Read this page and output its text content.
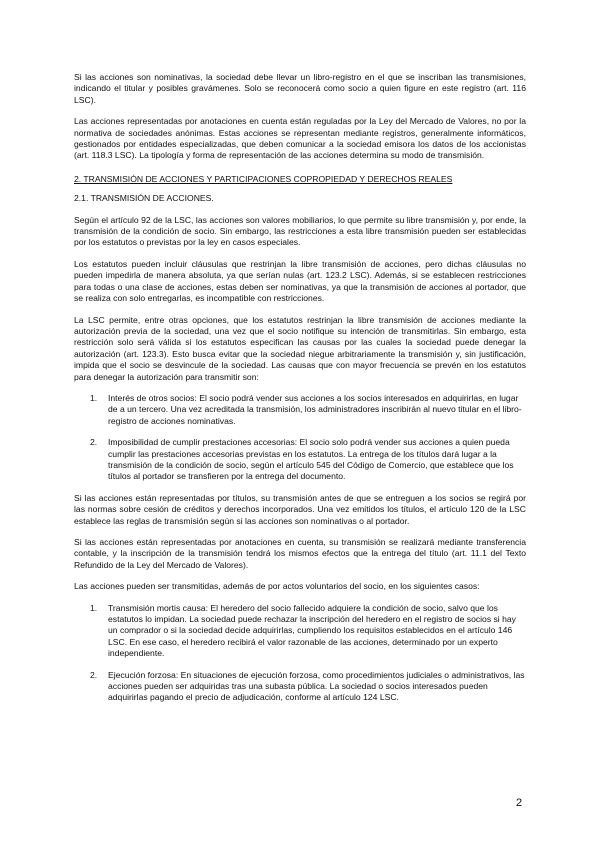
Si las acciones son nominativas, la sociedad debe llevar un libro-registro en el que se inscriban las transmisiones, indicando el titular y posibles gravámenes. Solo se reconocerá como socio a quien figure en este registro (art. 116 LSC).

Las acciones representadas por anotaciones en cuenta están reguladas por la Ley del Mercado de Valores, no por la normativa de sociedades anónimas. Estas acciones se representan mediante registros, generalmente informáticos, gestionados por entidades especializadas, que deben comunicar a la sociedad emisora los datos de los accionistas (art. 118.3 LSC). La tipología y forma de representación de las acciones determina su modo de transmisión.

2. TRANSMISIÓN DE ACCIONES Y PARTICIPACIONES COPROPIEDAD Y DERECHOS REALES
2.1. TRANSMISIÓN DE ACCIONES.

Según el artículo 92 de la LSC, las acciones son valores mobiliarios, lo que permite su libre transmisión y, por ende, la transmisión de la condición de socio. Sin embargo, las restricciones a esta libre transmisión pueden ser establecidas por los estatutos o previstas por la ley en casos especiales.

Los estatutos pueden incluir cláusulas que restrinjan la libre transmisión de acciones, pero dichas cláusulas no pueden impedirla de manera absoluta, ya que serían nulas (art. 123.2 LSC). Además, si se establecen restricciones para todas o una clase de acciones, estas deben ser nominativas, ya que la transmisión de acciones al portador, que se realiza con solo entregarlas, es incompatible con restricciones.

La LSC permite, entre otras opciones, que los estatutos restrinjan la libre transmisión de acciones mediante la autorización previa de la sociedad, una vez que el socio notifique su intención de transmitirlas. Sin embargo, esta restricción solo será válida si los estatutos especifican las causas por las cuales la sociedad puede denegar la autorización (art. 123.3). Esto busca evitar que la sociedad niegue arbitrariamente la transmisión y, sin justificación, impida que el socio se desvincule de la sociedad. Las causas que con mayor frecuencia se prevén en los estatutos para denegar la autorización para transmitir son:

1. Interés de otros socios: El socio podrá vender sus acciones a los socios interesados en adquirirlas, en lugar de a un tercero. Una vez acreditada la transmisión, los administradores inscribirán al nuevo titular en el libro-registro de acciones nominativas.

2. Imposibilidad de cumplir prestaciones accesorias: El socio solo podrá vender sus acciones a quien pueda cumplir las prestaciones accesorias previstas en los estatutos. La entrega de los títulos dará lugar a la transmisión de la condición de socio, según el artículo 545 del Código de Comercio, que establece que los títulos al portador se transfieren por la entrega del documento.

Si las acciones están representadas por títulos, su transmisión antes de que se entreguen a los socios se regirá por las normas sobre cesión de créditos y derechos incorporados. Una vez emitidos los títulos, el artículo 120 de la LSC establece las reglas de transmisión según si las acciones son nominativas o al portador.

Si las acciones están representadas por anotaciones en cuenta, su transmisión se realizará mediante transferencia contable, y la inscripción de la transmisión tendrá los mismos efectos que la entrega del título (art. 11.1 del Texto Refundido de la Ley del Mercado de Valores).

Las acciones pueden ser transmitidas, además de por actos voluntarios del socio, en los siguientes casos:

1. Transmisión mortis causa: El heredero del socio fallecido adquiere la condición de socio, salvo que los estatutos lo impidan. La sociedad puede rechazar la inscripción del heredero en el registro de socios si hay un comprador o si la sociedad decide adquirirlas, cumpliendo los requisitos establecidos en el artículo 146 LSC. En ese caso, el heredero recibirá el valor razonable de las acciones, determinado por un experto independiente.

2. Ejecución forzosa: En situaciones de ejecución forzosa, como procedimientos judiciales o administrativos, las acciones pueden ser adquiridas tras una subasta pública. La sociedad o socios interesados pueden adquirirlas pagando el precio de adjudicación, conforme al artículo 124 LSC.

2
